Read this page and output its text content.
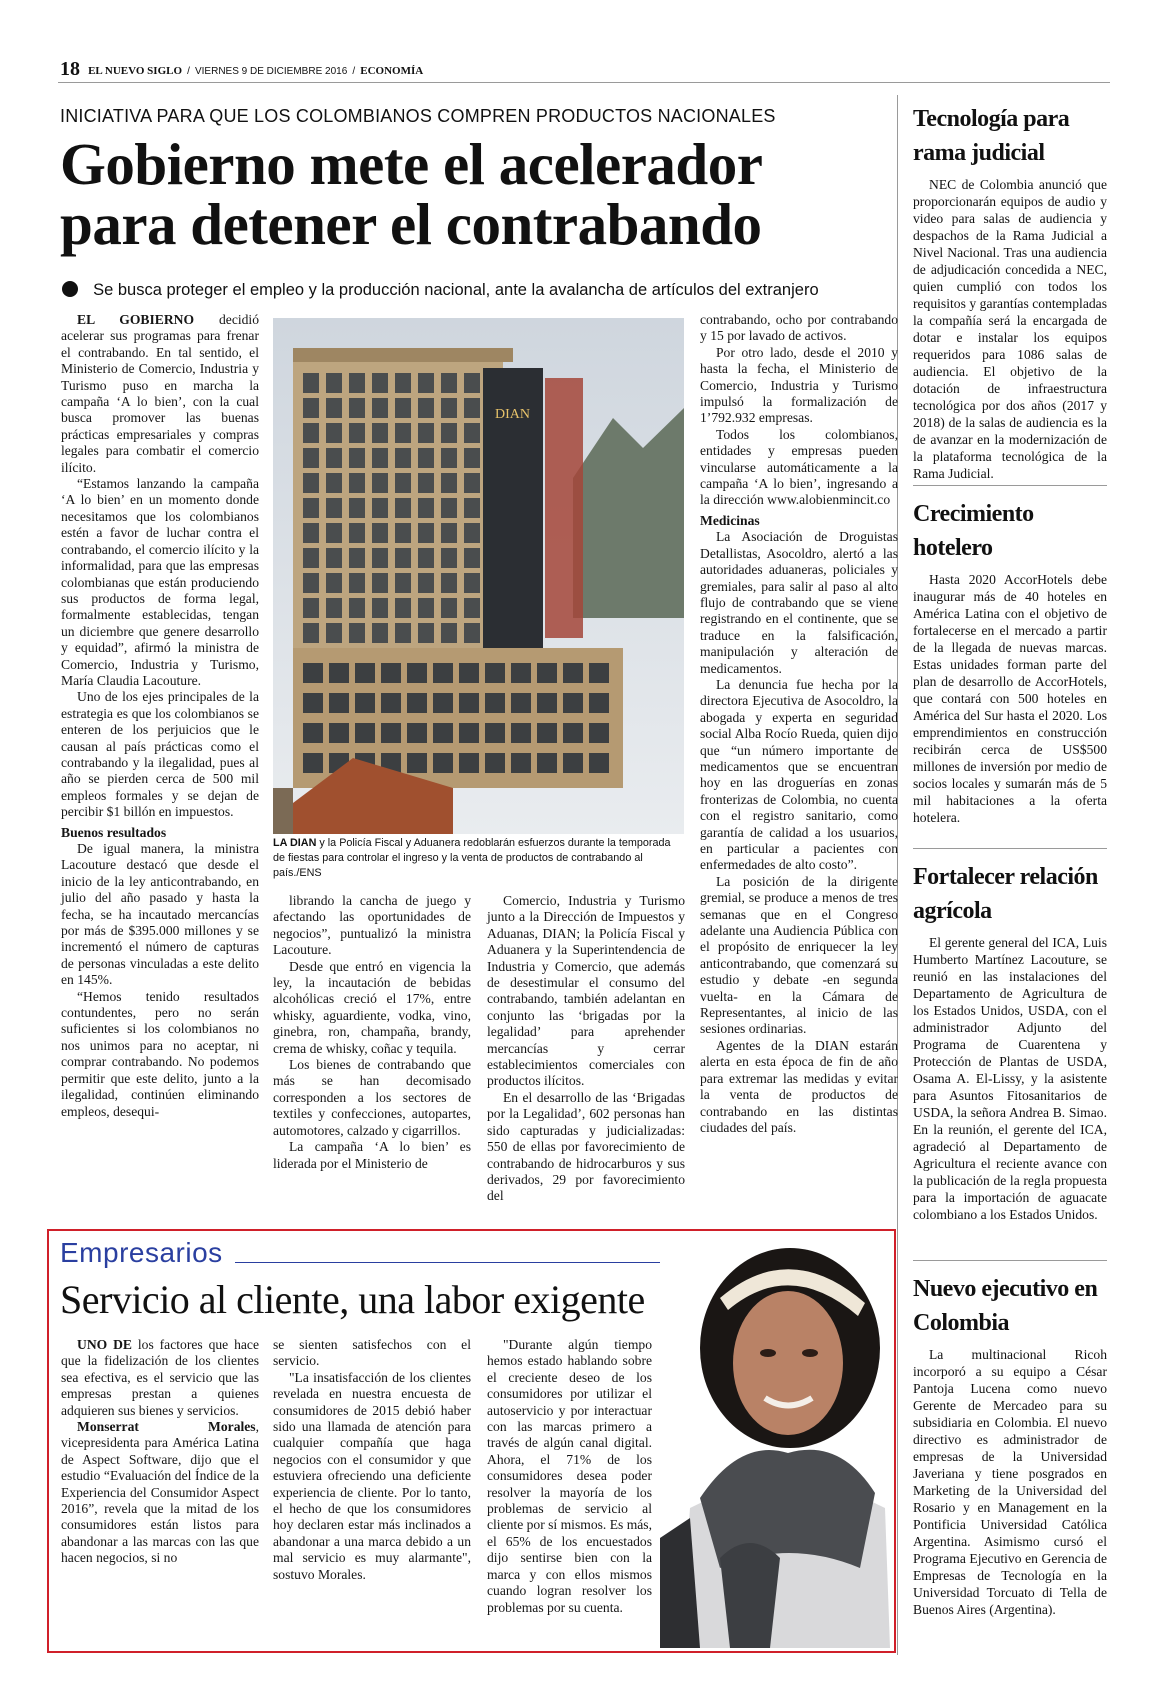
18 EL NUEVO SIGLO / VIERNES 9 DE DICIEMBRE 2016 / ECONOMÍA
INICIATIVA PARA QUE LOS COLOMBIANOS COMPREN PRODUCTOS NACIONALES
Gobierno mete el acelerador
para detener el contrabando
Se busca proteger el empleo y la producción nacional, ante la avalancha de artículos del extranjero

EL GOBIERNO decidió acelerar sus programas para frenar el contrabando. En tal sentido, el Ministerio de Comercio, Industria y Turismo puso en marcha la campaña ‘A lo bien’, con la cual busca promover las buenas prácticas empresariales y compras legales para combatir el comercio ilícito.

“Estamos lanzando la campaña ‘A lo bien’ en un momento donde necesitamos que los colombianos estén a favor de luchar contra el contrabando, el comercio ilícito y la informalidad, para que las empresas colombianas que están produciendo sus productos de forma legal, formalmente establecidas, tengan un diciembre que genere desarrollo y equidad”, afirmó la ministra de Comercio, Industria y Turismo, María Claudia Lacouture.

Uno de los ejes principales de la estrategia es que los colombianos se enteren de los perjuicios que le causan al país prácticas como el contrabando y la ilegalidad, pues al año se pierden cerca de 500 mil empleos formales y se dejan de percibir $1 billón en impuestos.

Buenos resultados

De igual manera, la ministra Lacouture destacó que desde el inicio de la ley anticontrabando, en julio del año pasado y hasta la fecha, se ha incautado mercancías por más de $395.000 millones y se incrementó el número de capturas de personas vinculadas a este delito en 145%.

“Hemos tenido resultados contundentes, pero no serán suficientes si los colombianos no nos unimos para no aceptar, ni comprar contrabando. No podemos permitir que este delito, junto a la ilegalidad, continúen eliminando empleos, desequi-

librando la cancha de juego y afectando las oportunidades de negocios”, puntualizó la ministra Lacouture.

Desde que entró en vigencia la ley, la incautación de bebidas alcohólicas creció el 17%, entre whisky, aguardiente, vodka, vino, ginebra, ron, champaña, brandy, crema de whisky, coñac y tequila.

Los bienes de contrabando que más se han decomisado corresponden a los sectores de textiles y confecciones, autopartes, automotores, calzado y cigarrillos.

La campaña ‘A lo bien’ es liderada por el Ministerio de

Comercio, Industria y Turismo junto a la Dirección de Impuestos y Aduanas, DIAN; la Policía Fiscal y Aduanera y la Superintendencia de Industria y Comercio, que además de desestimular el consumo del contrabando, también adelantan en conjunto las ‘brigadas por la legalidad’ para aprehender mercancías y cerrar establecimientos comerciales con productos ilícitos.

En el desarrollo de las ‘Brigadas por la Legalidad’, 602 personas han sido capturadas y judicializadas: 550 de ellas por favorecimiento de contrabando de hidrocarburos y sus derivados, 29 por favorecimiento del

contrabando, ocho por contrabando y 15 por lavado de activos.

Por otro lado, desde el 2010 y hasta la fecha, el Ministerio de Comercio, Industria y Turismo impulsó la formalización de 1’792.932 empresas.

Todos los colombianos, entidades y empresas pueden vincularse automáticamente a la campaña ‘A lo bien’, ingresando a la dirección www.alobienmincit.co

Medicinas

La Asociación de Droguistas Detallistas, Asocoldro, alertó a las autoridades aduaneras, policiales y gremiales, para salir al paso al alto flujo de contrabando que se viene registrando en el continente, que se traduce en la falsificación, manipulación y alteración de medicamentos.

La denuncia fue hecha por la directora Ejecutiva de Asocoldro, la abogada y experta en seguridad social Alba Rocío Rueda, quien dijo que “un número importante de medicamentos que se encuentran hoy en las droguerías en zonas fronterizas de Colombia, no cuenta con el registro sanitario, como garantía de calidad a los usuarios, en particular a pacientes con enfermedades de alto costo”.

La posición de la dirigente gremial, se produce a menos de tres semanas que en el Congreso adelante una Audiencia Pública con el propósito de enriquecer la ley anticontrabando, que comenzará su estudio y debate -en segunda vuelta- en la Cámara de Representantes, al inicio de las sesiones ordinarias.

Agentes de la DIAN estarán alerta en esta época de fin de año para extremar las medidas y evitar la venta de productos de contrabando en las distintas ciudades del país.

DIAN
LA DIAN y la Policía Fiscal y Aduanera redoblarán esfuerzos durante la temporada de fiestas para controlar el ingreso y la venta de productos de contrabando al país./ENS
Empresarios
Servicio al cliente, una labor exigente

UNO DE los factores que hace que la fidelización de los clientes sea efectiva, es el servicio que las empresas prestan a quienes adquieren sus bienes y servicios.

Monserrat Morales, vicepresidenta para América Latina de Aspect Software, dijo que el estudio “Evaluación del Índice de la Experiencia del Consumidor Aspect 2016”, revela que la mitad de los consumidores están listos para abandonar a las marcas con las que hacen negocios, si no

se sienten satisfechos con el servicio.

"La insatisfacción de los clientes revelada en nuestra encuesta de consumidores de 2015 debió haber sido una llamada de atención para cualquier compañía que haga negocios con el consumidor y que estuviera ofreciendo una deficiente experiencia de cliente. Por lo tanto, el hecho de que los consumidores hoy declaren estar más inclinados a abandonar a una marca debido a un mal servicio es muy alarmante", sostuvo Morales.

"Durante algún tiempo hemos estado hablando sobre el creciente deseo de los consumidores por utilizar el autoservicio y por interactuar con las marcas primero a través de algún canal digital. Ahora, el 71% de los consumidores desea poder resolver la mayoría de los problemas de servicio al cliente por sí mismos. Es más, el 65% de los encuestados dijo sentirse bien con la marca y con ellos mismos cuando logran resolver los problemas por su cuenta.

Tecnología para rama judicial

NEC de Colombia anunció que proporcionarán equipos de audio y video para salas de audiencia y despachos de la Rama Judicial a Nivel Nacional. Tras una audiencia de adjudicación concedida a NEC, quien cumplió con todos los requisitos y garantías contempladas la compañía será la encargada de dotar e instalar los equipos requeridos para 1086 salas de audiencia. El objetivo de la dotación de infraestructura tecnológica por dos años (2017 y 2018) de la salas de audiencia es la de avanzar en la modernización de la plataforma tecnológica de la Rama Judicial.

Crecimiento hotelero

Hasta 2020 AccorHotels debe inaugurar más de 40 hoteles en América Latina con el objetivo de fortalecerse en el mercado a partir de la llegada de nuevas marcas. Estas unidades forman parte del plan de desarrollo de AccorHotels, que contará con 500 hoteles en América del Sur hasta el 2020. Los emprendimientos en construcción recibirán cerca de US$500 millones de inversión por medio de socios locales y sumarán más de 5 mil habitaciones a la oferta hotelera.

Fortalecer relación agrícola

El gerente general del ICA, Luis Humberto Martínez Lacouture, se reunió en las instalaciones del Departamento de Agricultura de los Estados Unidos, USDA, con el administrador Adjunto del Programa de Cuarentena y Protección de Plantas de USDA, Osama A. El-Lissy, y la asistente para Asuntos Fitosanitarios de USDA, la señora Andrea B. Simao. En la reunión, el gerente del ICA, agradeció al Departamento de Agricultura el reciente avance con la publicación de la regla propuesta para la importación de aguacate colombiano a los Estados Unidos.

Nuevo ejecutivo en Colombia

La multinacional Ricoh incorporó a su equipo a César Pantoja Lucena como nuevo Gerente de Mercadeo para su subsidiaria en Colombia. El nuevo directivo es administrador de empresas de la Universidad Javeriana y tiene posgrados en Marketing de la Universidad del Rosario y en Management en la Pontificia Universidad Católica Argentina. Asimismo cursó el Programa Ejecutivo en Gerencia de Empresas de Tecnología en la Universidad Torcuato di Tella de Buenos Aires (Argentina).
